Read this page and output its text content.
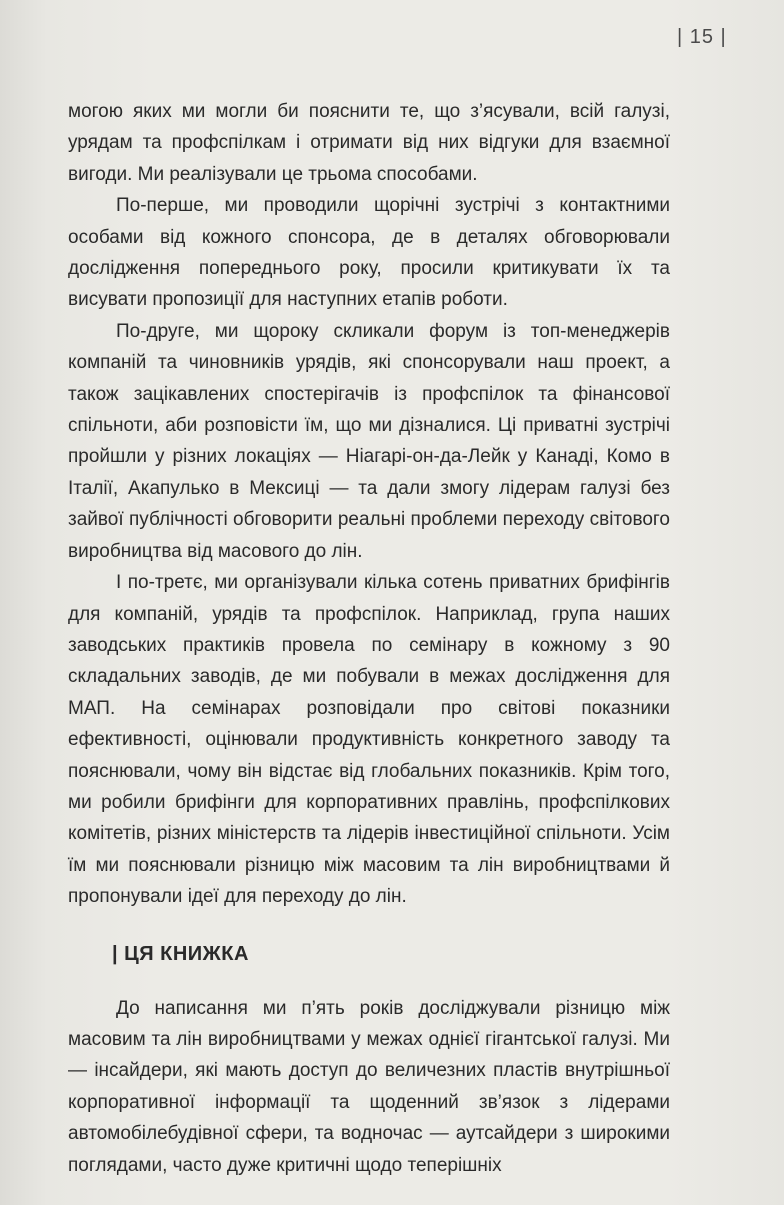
| 15 |

могою яких ми могли би пояснити те, що з’ясували, всій галузі, урядам та профспілкам і отримати від них відгуки для взаємної вигоди. Ми реалізували це трьома способами.

По-перше, ми проводили щорічні зустрічі з контактними особами від кожного спонсора, де в деталях обговорювали дослідження попереднього року, просили критикувати їх та висувати пропозиції для наступних етапів роботи.

По-друге, ми щороку скликали форум із топ-менеджерів компаній та чиновників урядів, які спонсорували наш проект, а також зацікавлених спостерігачів із профспілок та фінансової спільноти, аби розповісти їм, що ми дізналися. Ці приватні зустрічі пройшли у різних локаціях — Ніагарі-он-да-Лейк у Канаді, Комо в Італії, Акапулько в Мексиці — та дали змогу лідерам галузі без зайвої публічності обговорити реальні проблеми переходу світового виробництва від масового до лін.

І по-третє, ми організували кілька сотень приватних брифінгів для компаній, урядів та профспілок. Наприклад, група наших заводських практиків провела по семінару в кожному з 90 складальних заводів, де ми побували в межах дослідження для МАП. На семінарах розповідали про світові показники ефективності, оцінювали продуктивність конкретного заводу та пояснювали, чому він відстає від глобальних показників. Крім того, ми робили брифінги для корпоративних правлінь, профспілкових комітетів, різних міністерств та лідерів інвестиційної спільноти. Усім їм ми пояснювали різницю між масовим та лін виробництвами й пропонували ідеї для переходу до лін.

| ЦЯ КНИЖКА

До написання ми п’ять років досліджували різницю між масовим та лін виробництвами у межах однієї гігантської галузі. Ми — інсайдери, які мають доступ до величезних пластів внутрішньої корпоративної інформації та щоденний зв’язок з лідерами автомобілебудівної сфери, та водночас — аутсайдери з широкими поглядами, часто дуже критичні щодо теперішніх
